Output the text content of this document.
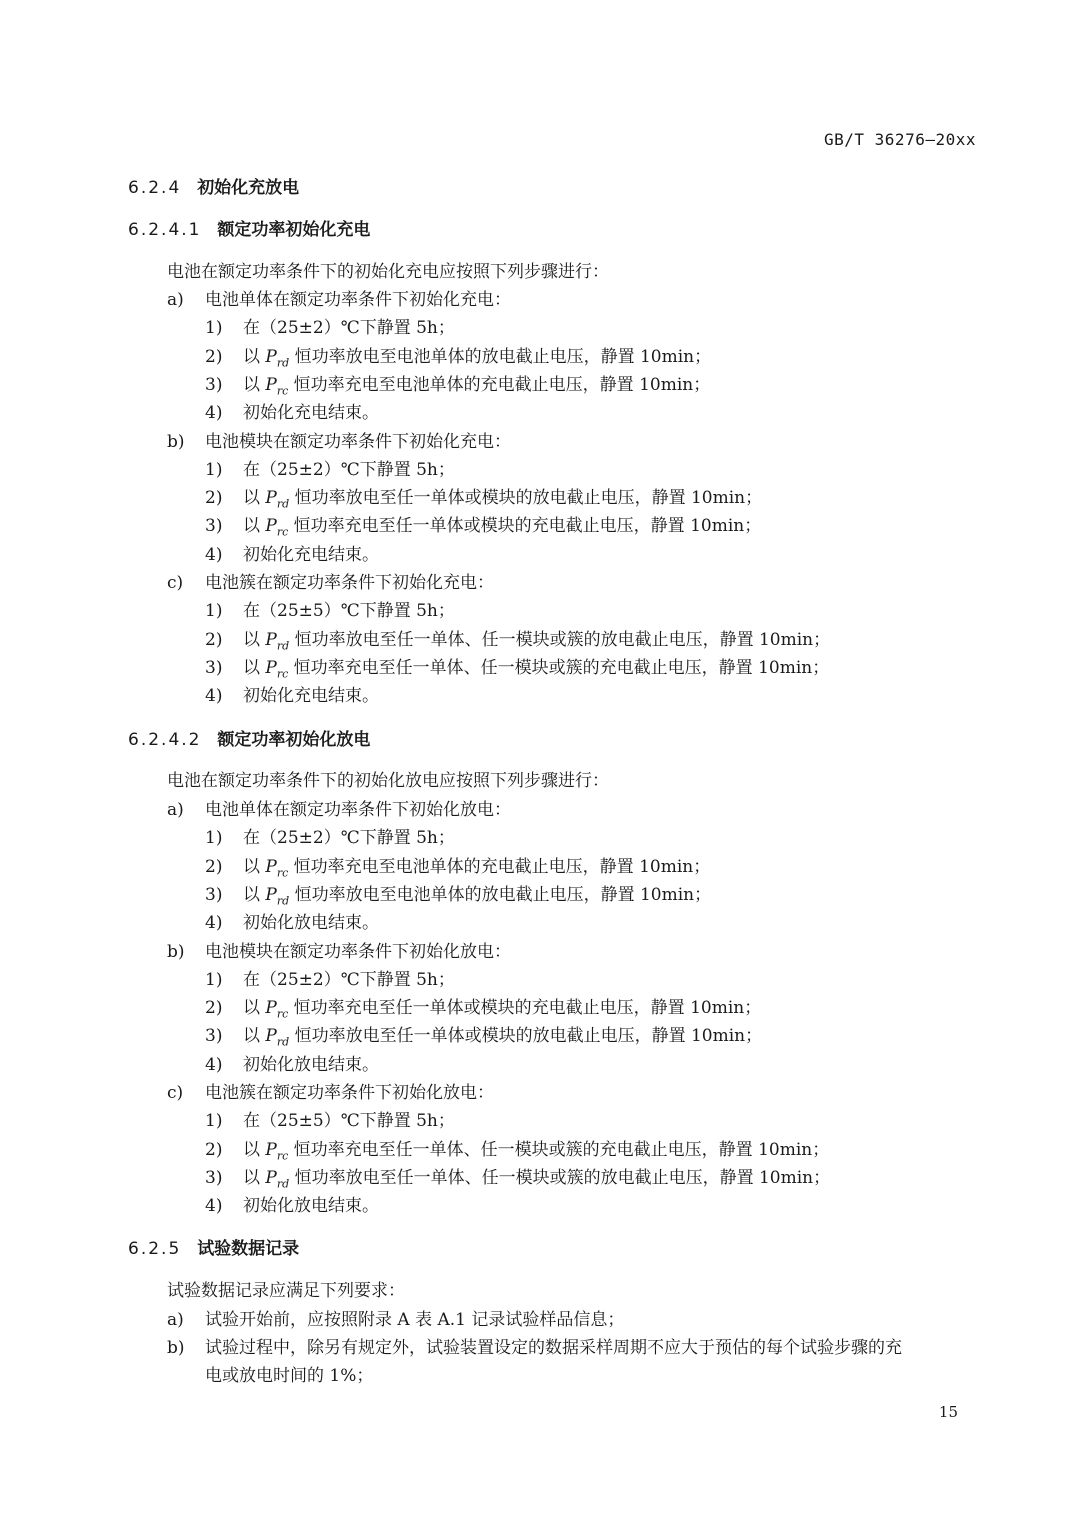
GB/T 36276—20xx
6.2.4 初始化充放电
6.2.4.1 额定功率初始化充电
电池在额定功率条件下的初始化充电应按照下列步骤进行：
a) 电池单体在额定功率条件下初始化充电：
1) 在（25±2）℃下静置 5h；
2) 以 $P_{rd}$ 恒功率放电至电池单体的放电截止电压，静置 10min；
3) 以 $P_{rc}$ 恒功率充电至电池单体的充电截止电压，静置 10min；
4) 初始化充电结束。
b) 电池模块在额定功率条件下初始化充电：
1) 在（25±2）℃下静置 5h；
2) 以 $P_{rd}$ 恒功率放电至任一单体或模块的放电截止电压，静置 10min；
3) 以 $P_{rc}$ 恒功率充电至任一单体或模块的充电截止电压，静置 10min；
4) 初始化充电结束。
c) 电池簇在额定功率条件下初始化充电：
1) 在（25±5）℃下静置 5h；
2) 以 $P_{rd}$ 恒功率放电至任一单体、任一模块或簇的放电截止电压，静置 10min；
3) 以 $P_{rc}$ 恒功率充电至任一单体、任一模块或簇的充电截止电压，静置 10min；
4) 初始化充电结束。
6.2.4.2 额定功率初始化放电
电池在额定功率条件下的初始化放电应按照下列步骤进行：
a) 电池单体在额定功率条件下初始化放电：
1) 在（25±2）℃下静置 5h；
2) 以 $P_{rc}$ 恒功率充电至电池单体的充电截止电压，静置 10min；
3) 以 $P_{rd}$ 恒功率放电至电池单体的放电截止电压，静置 10min；
4) 初始化放电结束。
b) 电池模块在额定功率条件下初始化放电：
1) 在（25±2）℃下静置 5h；
2) 以 $P_{rc}$ 恒功率充电至任一单体或模块的充电截止电压，静置 10min；
3) 以 $P_{rd}$ 恒功率放电至任一单体或模块的放电截止电压，静置 10min；
4) 初始化放电结束。
c) 电池簇在额定功率条件下初始化放电：
1) 在（25±5）℃下静置 5h；
2) 以 $P_{rc}$ 恒功率充电至任一单体、任一模块或簇的充电截止电压，静置 10min；
3) 以 $P_{rd}$ 恒功率放电至任一单体、任一模块或簇的放电截止电压，静置 10min；
4) 初始化放电结束。
6.2.5 试验数据记录
试验数据记录应满足下列要求：
a) 试验开始前，应按照附录 A 表 A.1 记录试验样品信息；
b) 试验过程中，除另有规定外，试验装置设定的数据采样周期不应大于预估的每个试验步骤的充
电或放电时间的 1%；
15
